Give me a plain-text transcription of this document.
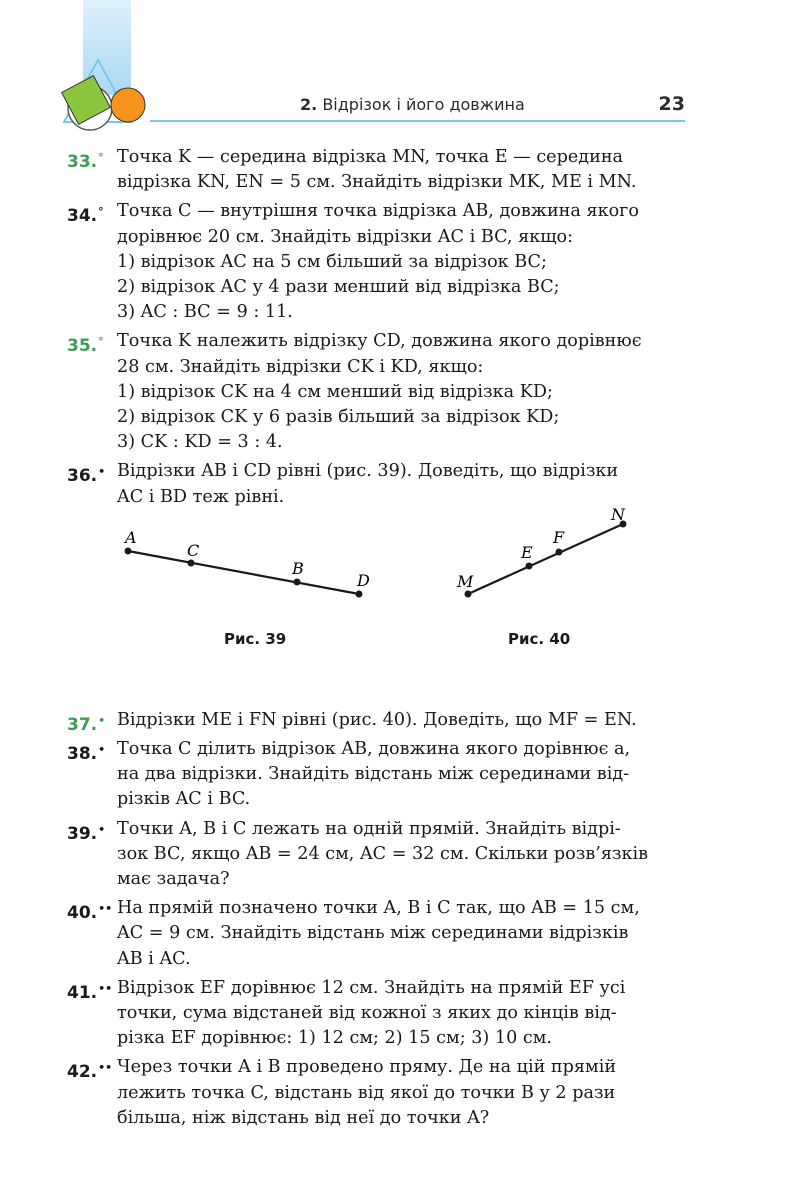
2. Відрізок і його довжина	23
33.° Точка K — середина відрізка MN, точка E — середина
відрізка KN, EN = 5 см. Знайдіть відрізки MK, ME і MN.
34.° Точка C — внутрішня точка відрізка AB, довжина якого
дорівнює 20 см. Знайдіть відрізки AC і BC, якщо:
1) відрізок AC на 5 см більший за відрізок BC;
2) відрізок AC у 4 рази менший від відрізка BC;
3) AC : BC = 9 : 11.
35.° Точка K належить відрізку CD, довжина якого дорівнює
28 см. Знайдіть відрізки CK і KD, якщо:
1) відрізок CK на 4 см менший від відрізка KD;
2) відрізок CK у 6 разів більший за відрізок KD;
3) CK : KD = 3 : 4.
36.• Відрізки AB і CD рівні (рис. 39). Доведіть, що відрізки
AC і BD теж рівні.
A
C
B
D	M
E
F
N
Рис. 39	Рис. 40
37.• Відрізки ME і FN рівні (рис. 40). Доведіть, що MF = EN.
38.• Точка C ділить відрізок AB, довжина якого дорівнює a,
на два відрізки. Знайдіть відстань між серединами від-
різків AC і BC.
39.• Точки A, B і C лежать на одній прямій. Знайдіть відрі-
зок BC, якщо AB = 24 см, AC = 32 см. Скільки розв’язків
має задача?
40.•• На прямій позначено точки A, B і C так, що AB = 15 см,
AC = 9 см. Знайдіть відстань між серединами відрізків
AB і AC.
41.•• Відрізок EF дорівнює 12 см. Знайдіть на прямій EF усі
точки, сума відстаней від кожної з яких до кінців від-
різка EF дорівнює: 1) 12 см; 2) 15 см; 3) 10 см.
42.•• Через точки A і B проведено пряму. Де на цій прямій
лежить точка C, відстань від якої до точки B у 2 рази
більша, ніж відстань від неї до точки A?
